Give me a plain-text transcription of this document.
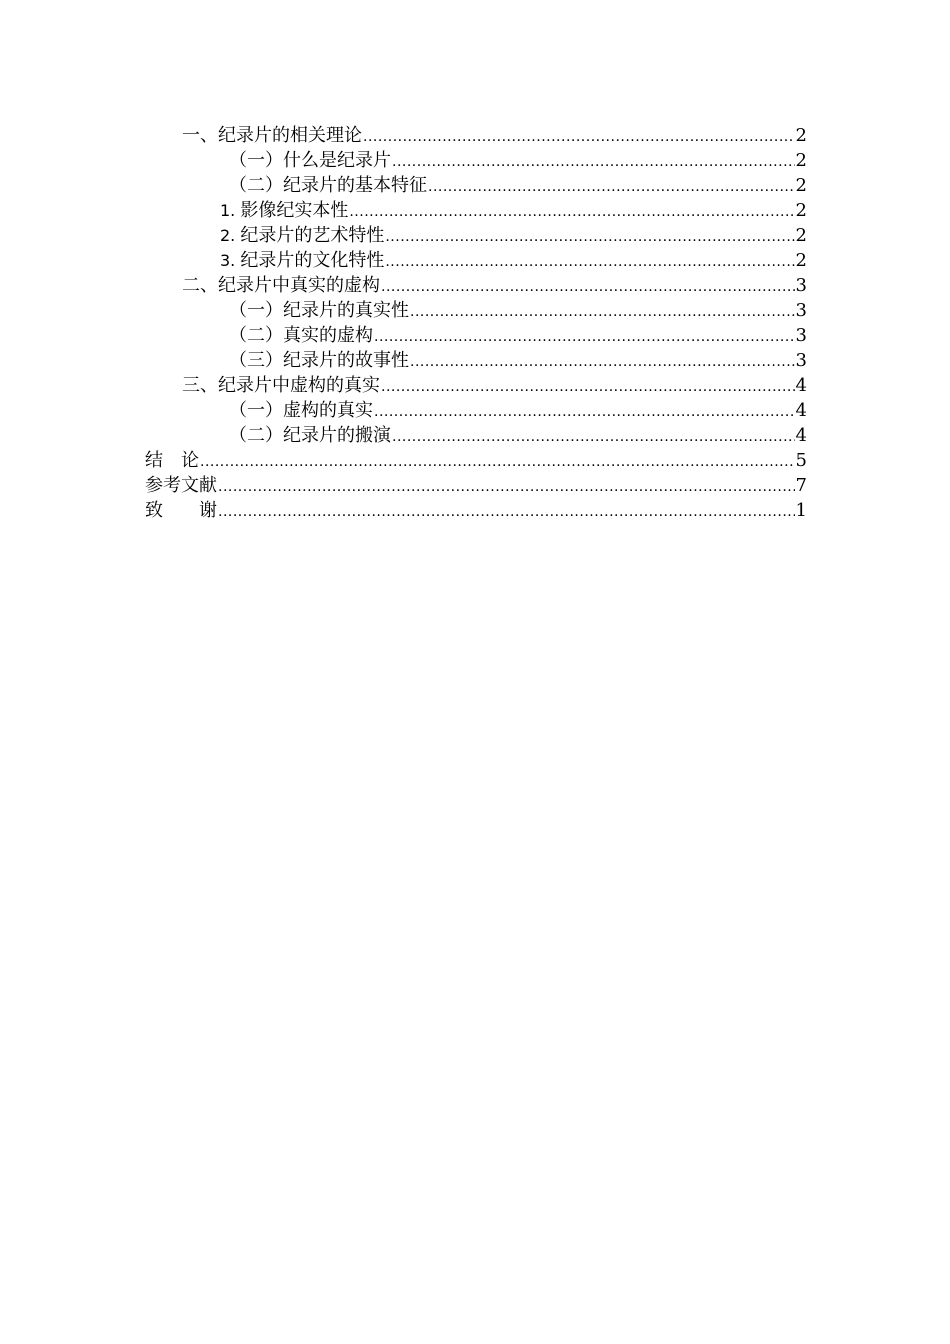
一、纪录片的相关理论 .....	2
（一）什么是纪录片 .....	2
（二）纪录片的基本特征 .....	2
1. 影像纪实本性 .....	2
2. 纪录片的艺术特性 .....	2
3. 纪录片的文化特性 .....	2
二、纪录片中真实的虚构 .....	3
（一）纪录片的真实性 .....	3
（二）真实的虚构 .....	3
（三）纪录片的故事性 .....	3
三、纪录片中虚构的真实 .....	4
（一）虚构的真实 .....	4
（二）纪录片的搬演 .....	4
结　论 .....	5
参考文献 .....	7
致　　谢 .....	1
